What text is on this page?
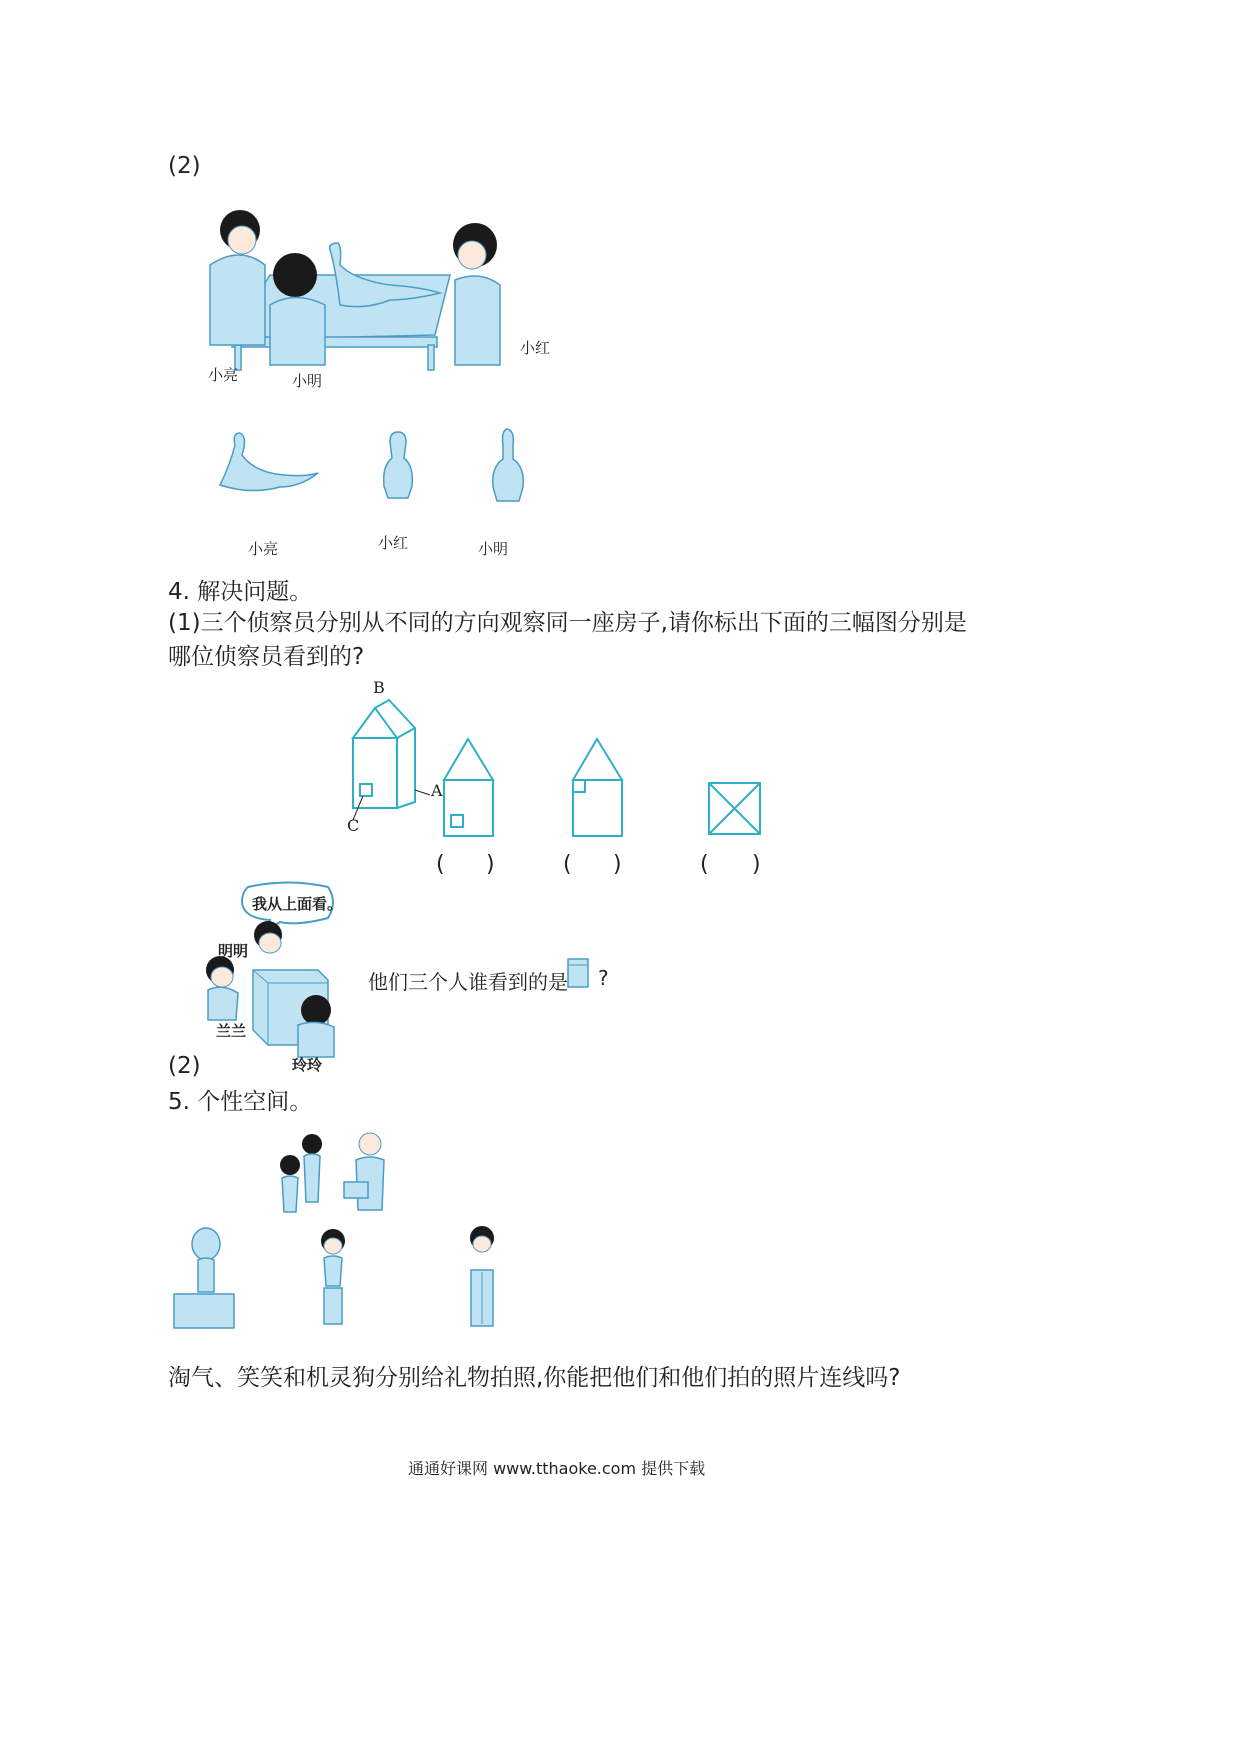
(2)
小亮	小明
小红
小亮	小红	小明
4. 解决问题。
(1)三个侦察员分别从不同的方向观察同一座房子,请你标出下面的三幅图分别是
哪位侦察员看到的?
B
A
C
( )	( )	( )
我从上面看。
明明
兰兰
玲玲
他们三个人谁看到的是 ?
(2)
5. 个性空间。
淘气、笑笑和机灵狗分别给礼物拍照,你能把他们和他们拍的照片连线吗?
通通好课网 www.tthaoke.com 提供下载
